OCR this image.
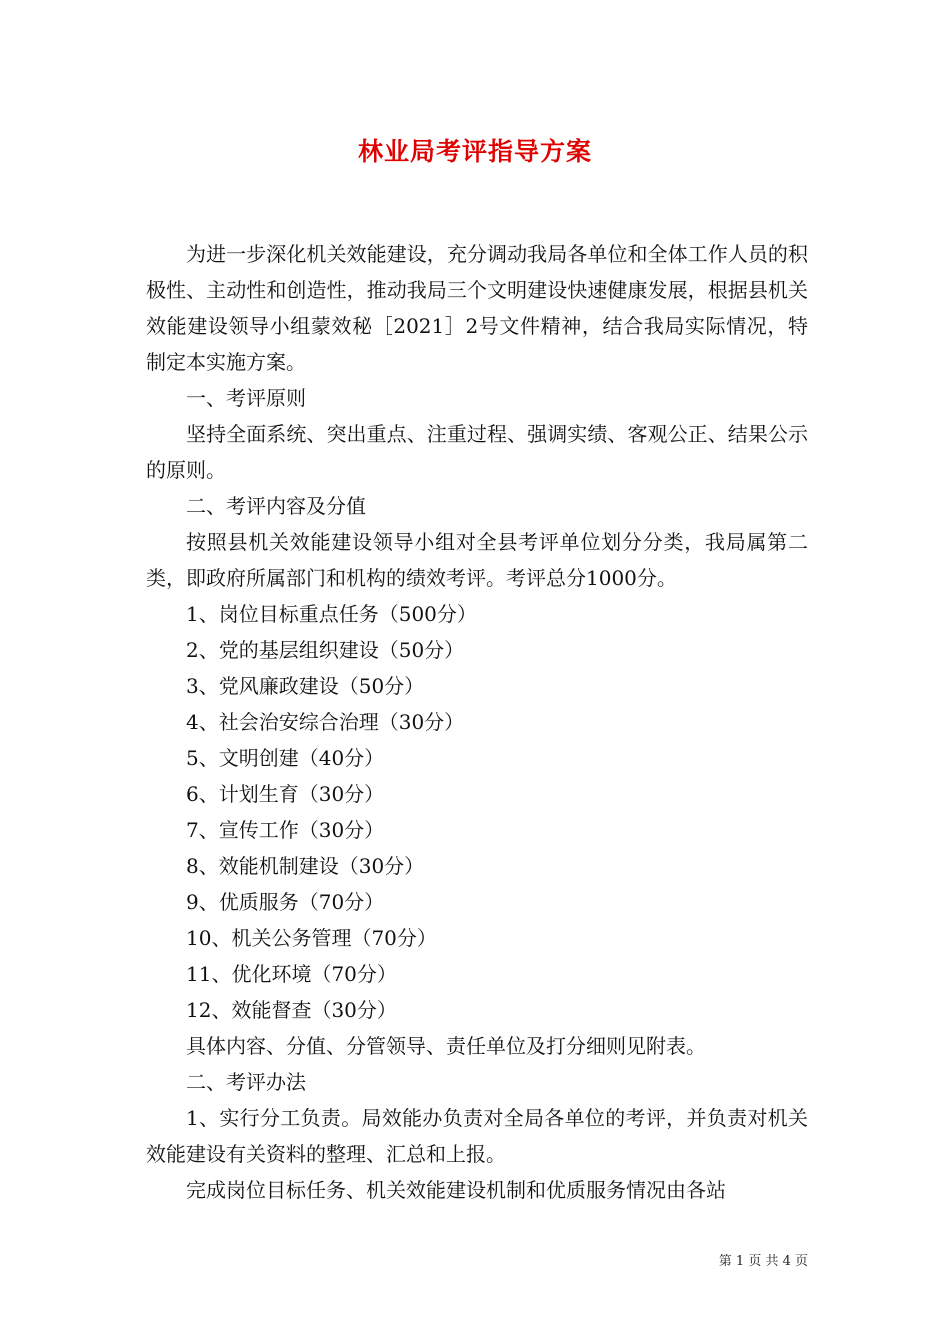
林业局考评指导方案

为进一步深化机关效能建设，充分调动我局各单位和全体工作人员的积极性、主动性和创造性，推动我局三个文明建设快速健康发展，根据县机关效能建设领导小组蒙效秘［2021］2号文件精神，结合我局实际情况，特制定本实施方案。

一、考评原则

坚持全面系统、突出重点、注重过程、强调实绩、客观公正、结果公示的原则。

二、考评内容及分值

按照县机关效能建设领导小组对全县考评单位划分分类，我局属第二类，即政府所属部门和机构的绩效考评。考评总分1000分。

1、岗位目标重点任务（500分）

2、党的基层组织建设（50分）

3、党风廉政建设（50分）

4、社会治安综合治理（30分）

5、文明创建（40分）

6、计划生育（30分）

7、宣传工作（30分）

8、效能机制建设（30分）

9、优质服务（70分）

10、机关公务管理（70分）

11、优化环境（70分）

12、效能督查（30分）

具体内容、分值、分管领导、责任单位及打分细则见附表。

二、考评办法

1、实行分工负责。局效能办负责对全局各单位的考评，并负责对机关效能建设有关资料的整理、汇总和上报。

完成岗位目标任务、机关效能建设机制和优质服务情况由各站

第 1 页 共 4 页
